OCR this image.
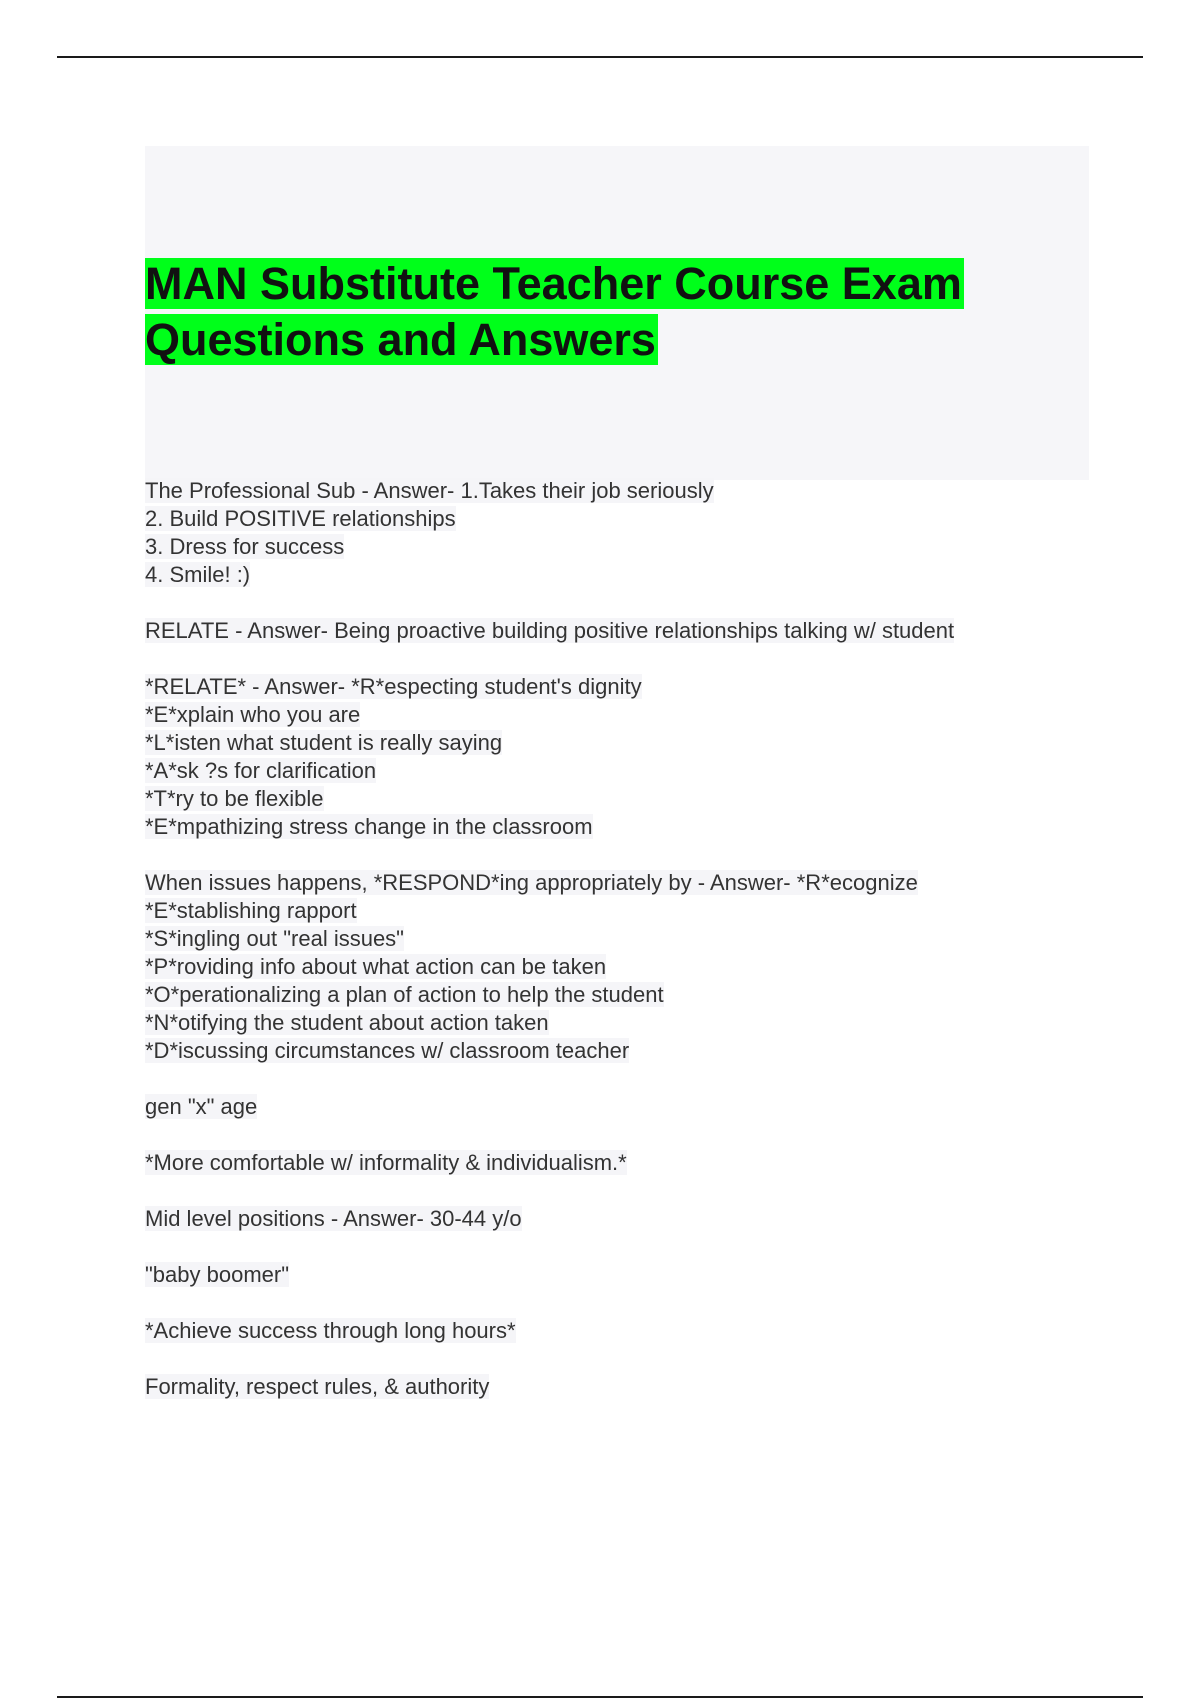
MAN Substitute Teacher Course Exam Questions and Answers
The Professional Sub - Answer- 1.Takes their job seriously
2. Build POSITIVE relationships
3. Dress for success
4. Smile! :)
RELATE - Answer- Being proactive building positive relationships talking w/ student
*RELATE* - Answer- *R*especting student's dignity
*E*xplain who you are
*L*isten what student is really saying
*A*sk ?s for clarification
*T*ry to be flexible
*E*mpathizing stress change in the classroom
When issues happens, *RESPOND*ing appropriately by - Answer- *R*ecognize
*E*stablishing rapport
*S*ingling out "real issues"
*P*roviding info about what action can be taken
*O*perationalizing a plan of action to help the student
*N*otifying the student about action taken
*D*iscussing circumstances w/ classroom teacher
gen "x" age
*More comfortable w/ informality & individualism.*
Mid level positions - Answer- 30-44 y/o
"baby boomer"
*Achieve success through long hours*
Formality, respect rules, & authority
